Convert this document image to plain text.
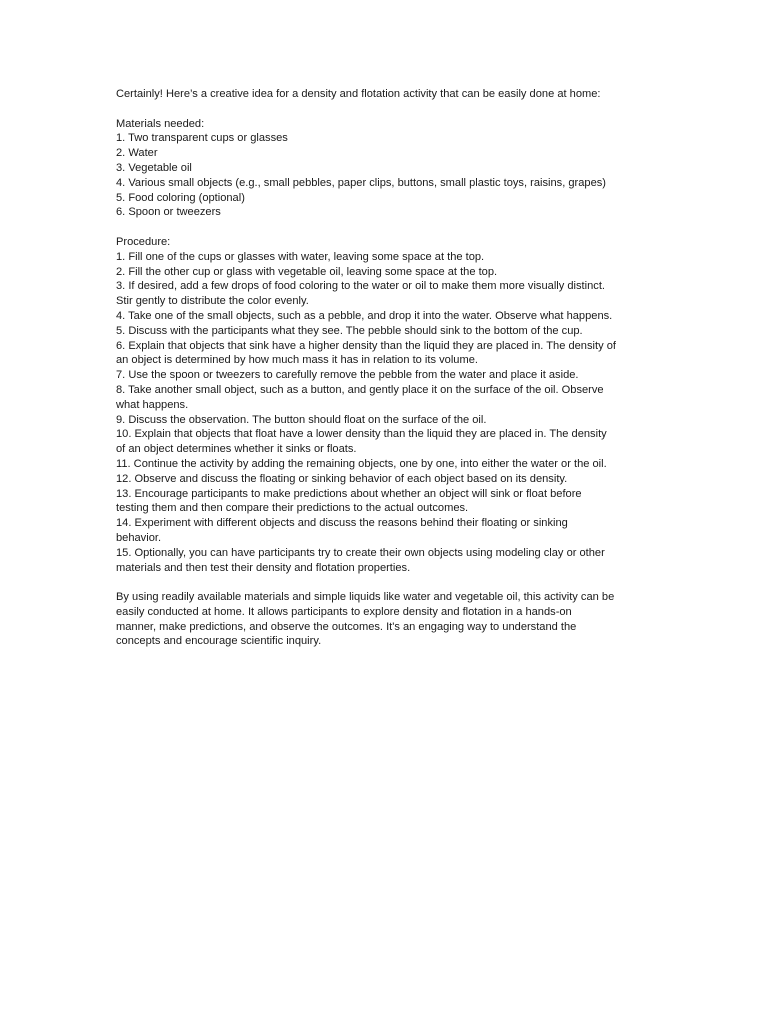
Certainly! Here’s a creative idea for a density and flotation activity that can be easily done at home:
Materials needed:
1. Two transparent cups or glasses
2. Water
3. Vegetable oil
4. Various small objects (e.g., small pebbles, paper clips, buttons, small plastic toys, raisins, grapes)
5. Food coloring (optional)
6. Spoon or tweezers
Procedure:
1. Fill one of the cups or glasses with water, leaving some space at the top.
2. Fill the other cup or glass with vegetable oil, leaving some space at the top.
3. If desired, add a few drops of food coloring to the water or oil to make them more visually distinct.
Stir gently to distribute the color evenly.
4. Take one of the small objects, such as a pebble, and drop it into the water. Observe what happens.
5. Discuss with the participants what they see. The pebble should sink to the bottom of the cup.
6. Explain that objects that sink have a higher density than the liquid they are placed in. The density of
an object is determined by how much mass it has in relation to its volume.
7. Use the spoon or tweezers to carefully remove the pebble from the water and place it aside.
8. Take another small object, such as a button, and gently place it on the surface of the oil. Observe
what happens.
9. Discuss the observation. The button should float on the surface of the oil.
10. Explain that objects that float have a lower density than the liquid they are placed in. The density
of an object determines whether it sinks or floats.
11. Continue the activity by adding the remaining objects, one by one, into either the water or the oil.
12. Observe and discuss the floating or sinking behavior of each object based on its density.
13. Encourage participants to make predictions about whether an object will sink or float before
testing them and then compare their predictions to the actual outcomes.
14. Experiment with different objects and discuss the reasons behind their floating or sinking
behavior.
15. Optionally, you can have participants try to create their own objects using modeling clay or other
materials and then test their density and flotation properties.
By using readily available materials and simple liquids like water and vegetable oil, this activity can be
easily conducted at home. It allows participants to explore density and flotation in a hands-on
manner, make predictions, and observe the outcomes. It's an engaging way to understand the
concepts and encourage scientific inquiry.
